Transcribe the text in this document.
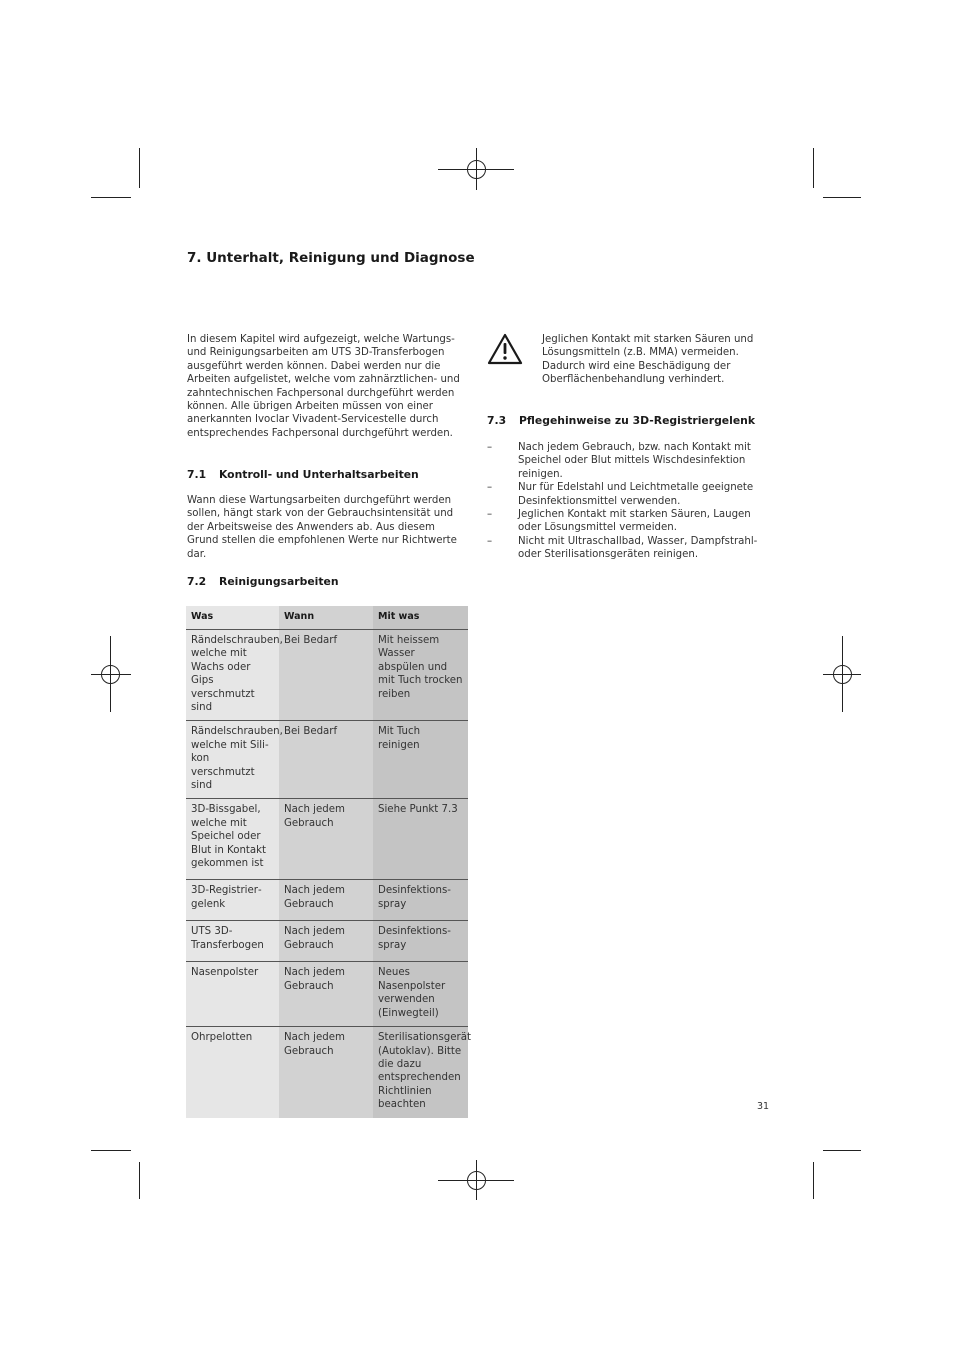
7. Unterhalt, Reinigung und Diagnose

In diesem Kapitel wird aufgezeigt, welche Wartungs- und Reinigungsarbeiten am UTS 3D-Transferbogen ausgeführt werden können. Dabei werden nur die Arbeiten aufgelistet, welche vom zahnärztlichen- und zahntechnischen Fachpersonal durchgeführt werden können. Alle übrigen Arbeiten müssen von einer anerkannten Ivoclar Vivadent-Servicestelle durch entsprechendes Fachpersonal durchgeführt werden.

7.1 Kontroll- und Unterhaltsarbeiten

Wann diese Wartungsarbeiten durchgeführt werden sollen, hängt stark von der Gebrauchsintensität und der Arbeitsweise des Anwenders ab. Aus diesem Grund stellen die empfohlenen Werte nur Richtwerte dar.

7.2 Reinigungsarbeiten
Was	Wann	Mit was
Rändelschrauben, welche mit Wachs oder Gips verschmutzt sind	Bei Bedarf	Mit heissem Wasser abspülen und mit Tuch trocken reiben
Rändelschrauben, welche mit Silikon verschmutzt sind	Bei Bedarf	Mit Tuch reinigen
3D-Bissgabel, welche mit Speichel oder Blut in Kontakt gekommen ist	Nach jedem Gebrauch	Siehe Punkt 7.3
3D-Registriergelenk	Nach jedem Gebrauch	Desinfektionsspray
UTS 3D-Transferbogen	Nach jedem Gebrauch	Desinfektionsspray
Nasenpolster	Nach jedem Gebrauch	Neues Nasenpolster verwenden (Einwegteil)
Ohrpelotten	Nach jedem Gebrauch	Sterilisationsgerät (Autoklav). Bitte die dazu entsprechenden Richtlinien beachten

Jeglichen Kontakt mit starken Säuren und Lösungsmitteln (z.B. MMA) vermeiden. Dadurch wird eine Beschädigung der Oberflächenbehandlung verhindert.

7.3 Pflegehinweise zu 3D-Registriergelenk
–	Nach jedem Gebrauch, bzw. nach Kontakt mit Speichel oder Blut mittels Wischdesinfektion reinigen.
–	Nur für Edelstahl und Leichtmetalle geeignete Desinfektionsmittel verwenden.
–	Jeglichen Kontakt mit starken Säuren, Laugen oder Lösungsmittel vermeiden.
–	Nicht mit Ultraschallbad, Wasser, Dampfstrahl- oder Sterilisationsgeräten reinigen.
31
